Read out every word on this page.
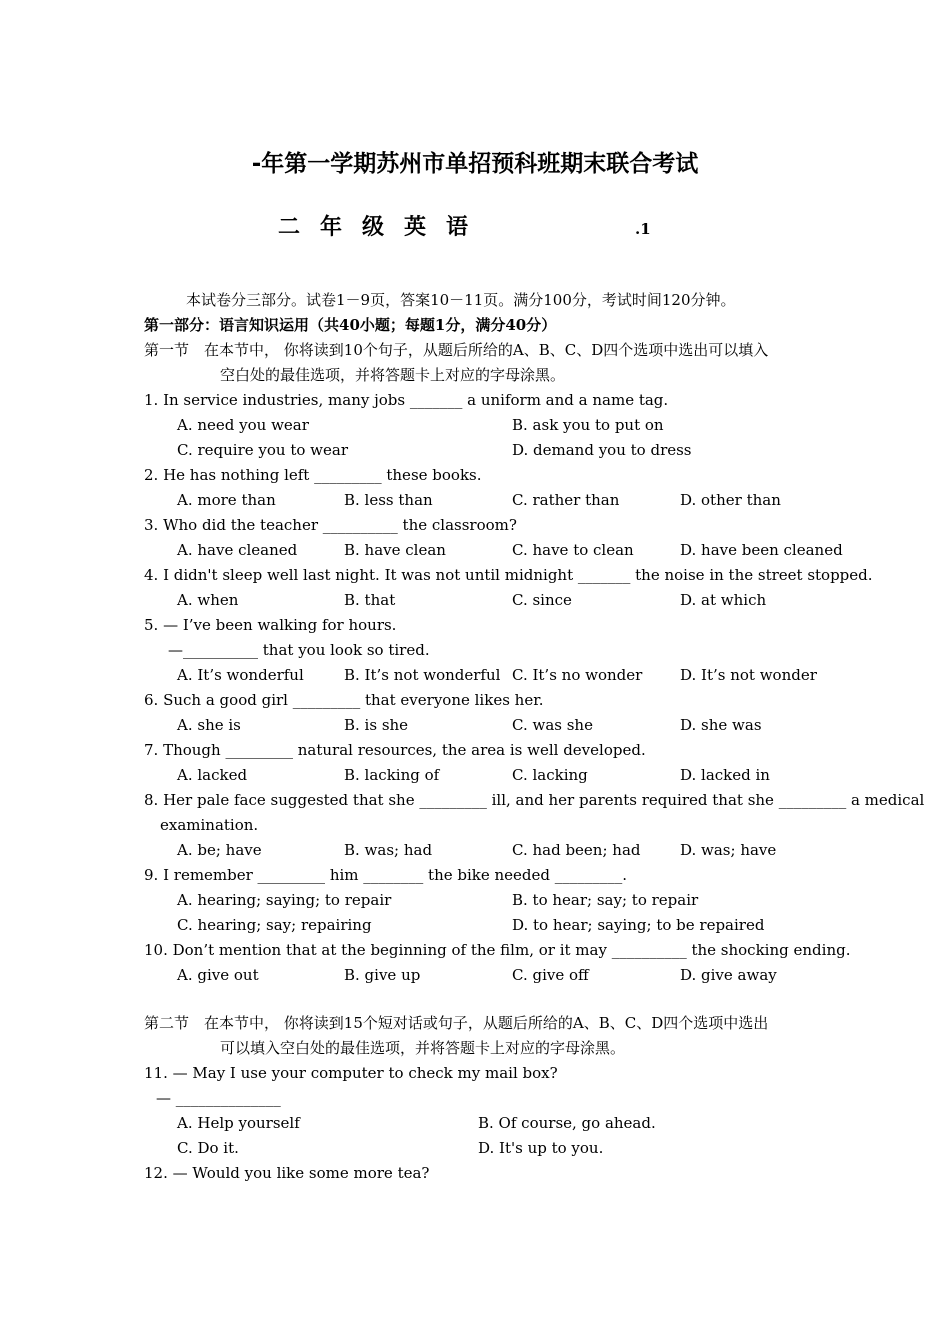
-年第一学期苏州市单招预科班期末联合考试
二年级英语	.1
本试卷分三部分。试卷1－9页，答案10－11页。满分100分，考试时间120分钟。
第一部分：语言知识运用（共40小题；每题1分，满分40分）
第一节　在本节中， 你将读到10个句子，从题后所给的A、B、C、D四个选项中选出可以填入
空白处的最佳选项，并将答题卡上对应的字母涂黑。
1. In service industries, many jobs _______ a uniform and a name tag.
A. need you wear	B. ask you to put on
C. require you to wear	D. demand you to dress
2. He has nothing left _________ these books.
A. more than	B. less than	C. rather than	D. other than
3. Who did the teacher __________ the classroom?
A. have cleaned	B. have clean	C. have to clean	D. have been cleaned
4. I didn't sleep well last night. It was not until midnight _______ the noise in the street stopped.
A. when	B. that	C. since	D. at which
5. — I’ve been walking for hours.
—__________ that you look so tired.
A. It’s wonderful	B. It’s not wonderful C. It’s no wonder	D. It’s not wonder
6. Such a good girl _________ that everyone likes her.
A. she is	B. is she	C. was she	D. she was
7. Though _________ natural resources, the area is well developed.
A. lacked	B. lacking of	C. lacking	D. lacked in
8. Her pale face suggested that she _________ ill, and her parents required that she _________ a medical
examination.
A. be; have	B. was; had	C. had been; had	D. was; have
9. I remember _________ him ________ the bike needed _________.
A. hearing; saying; to repair	B. to hear; say; to repair
C. hearing; say; repairing	D. to hear; saying; to be repaired
10. Don’t mention that at the beginning of the film, or it may __________ the shocking ending.
A. give out	B. give up	C. give off	D. give away
第二节　在本节中， 你将读到15个短对话或句子，从题后所给的A、B、C、D四个选项中选出
可以填入空白处的最佳选项，并将答题卡上对应的字母涂黑。
11. — May I use your computer to check my mail box?
— ______________
A. Help yourself	B. Of course, go ahead.
C. Do it.	D. It's up to you.
12. — Would you like some more tea?
